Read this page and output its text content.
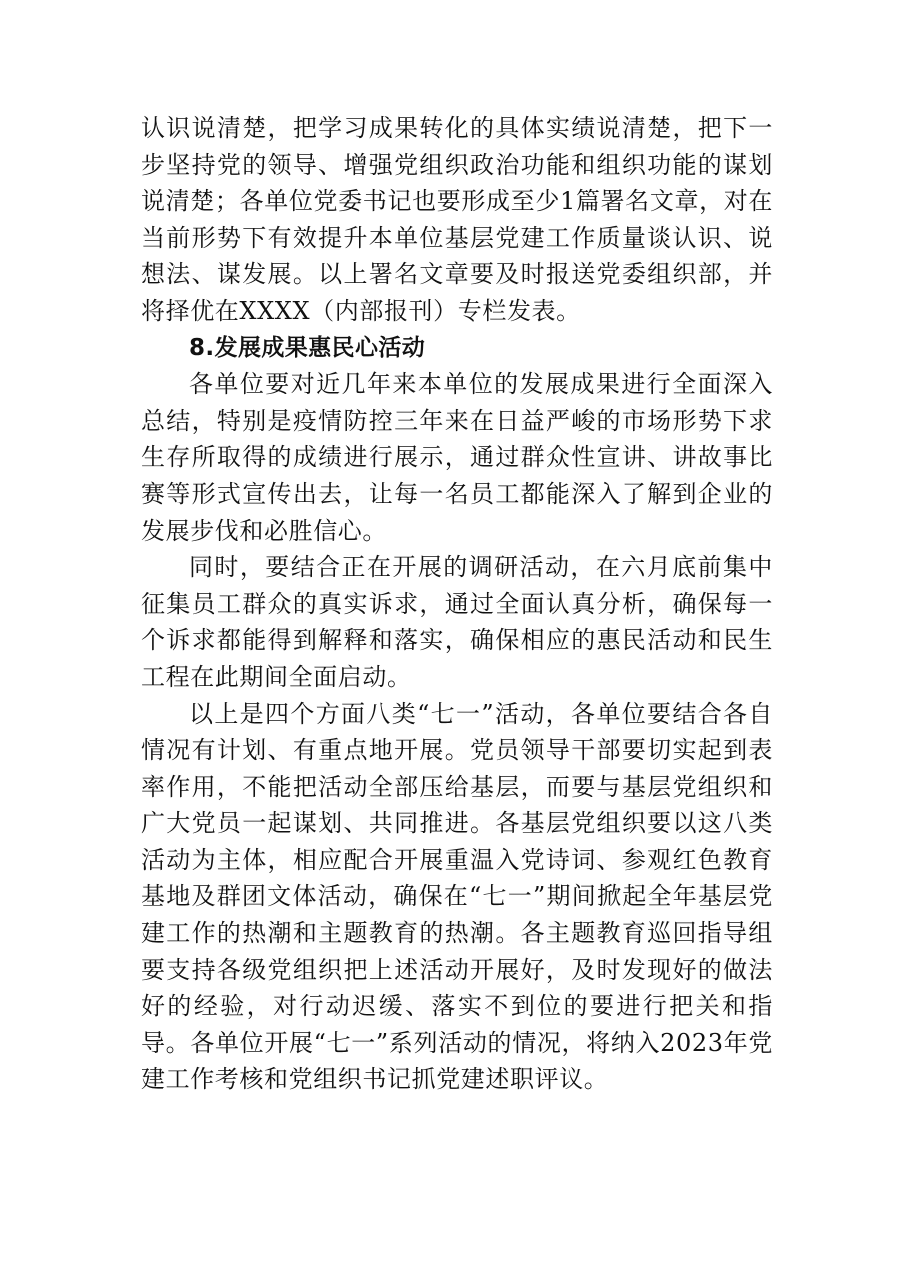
认识说清楚，把学习成果转化的具体实绩说清楚，把下一步坚持党的领导、增强党组织政治功能和组织功能的谋划说清楚；各单位党委书记也要形成至少1篇署名文章，对在当前形势下有效提升本单位基层党建工作质量谈认识、说想法、谋发展。以上署名文章要及时报送党委组织部，并将择优在XXXX（内部报刊）专栏发表。

8.发展成果惠民心活动

各单位要对近几年来本单位的发展成果进行全面深入总结，特别是疫情防控三年来在日益严峻的市场形势下求生存所取得的成绩进行展示，通过群众性宣讲、讲故事比赛等形式宣传出去，让每一名员工都能深入了解到企业的发展步伐和必胜信心。

同时，要结合正在开展的调研活动，在六月底前集中征集员工群众的真实诉求，通过全面认真分析，确保每一个诉求都能得到解释和落实，确保相应的惠民活动和民生工程在此期间全面启动。

以上是四个方面八类“七一”活动，各单位要结合各自情况有计划、有重点地开展。党员领导干部要切实起到表率作用，不能把活动全部压给基层，而要与基层党组织和广大党员一起谋划、共同推进。各基层党组织要以这八类活动为主体，相应配合开展重温入党诗词、参观红色教育基地及群团文体活动，确保在“七一”期间掀起全年基层党建工作的热潮和主题教育的热潮。各主题教育巡回指导组要支持各级党组织把上述活动开展好，及时发现好的做法好的经验，对行动迟缓、落实不到位的要进行把关和指导。各单位开展“七一”系列活动的情况，将纳入2023年党建工作考核和党组织书记抓党建述职评议。
